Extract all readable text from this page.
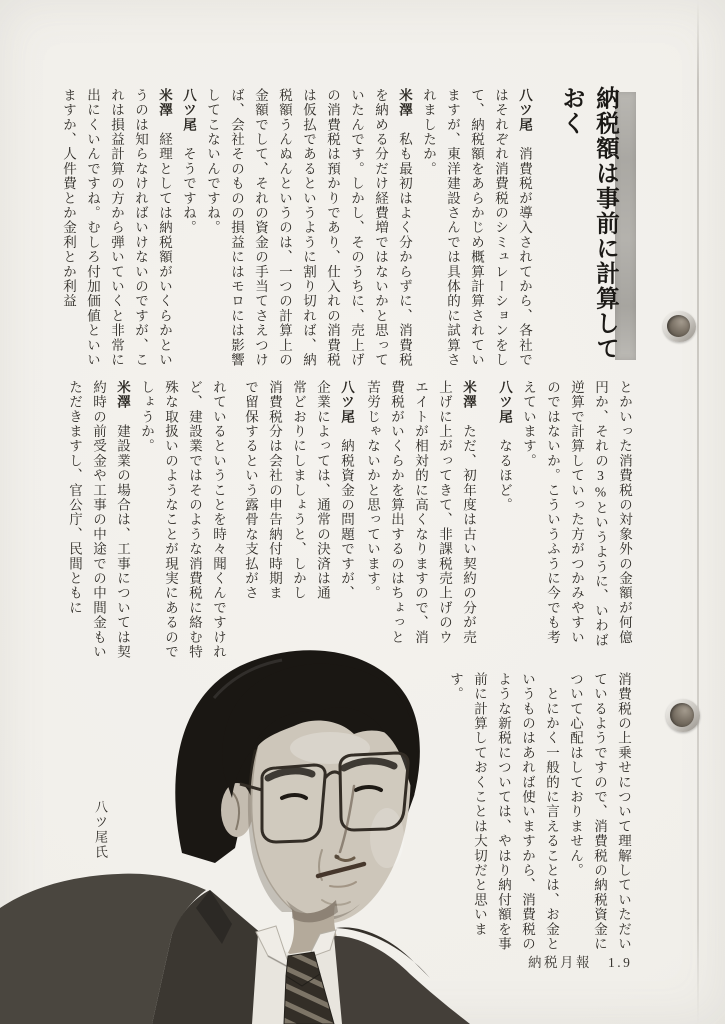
納税額は事前に計算しておく

八ツ尾　消費税が導入されてから、各社ではそれぞれ消費税のシミュレーションをして、納税額をあらかじめ概算計算されていますが、東洋建設さんでは具体的に試算されましたか。

米澤　私も最初はよく分からずに、消費税を納める分だけ経費増ではないかと思っていたんです。しかし、そのうちに、売上げの消費税は預かりであり、仕入れの消費税は仮払であるというように割り切れば、納税額うんぬんというのは、一つの計算上の金額でして、それの資金の手当てさえつけば、会社そのものの損益にはモロには影響してこないんですね。

八ツ尾　そうですね。

米澤　経理としては納税額がいくらかというのは知らなければいけないのですが、これは損益計算の方から弾いていくと非常に出にくいんですね。むしろ付加価値といいますか、人件費とか金利とか利益

とかいった消費税の対象外の金額が何億円か、それの3%というように、いわば逆算で計算していった方がつかみやすいのではないか。こういうふうに今でも考えています。

八ツ尾　なるほど。

米澤　ただ、初年度は古い契約の分が売上げに上がってきて、非課税売上げのウエイトが相対的に高くなりますので、消費税がいくらかを算出するのはちょっと苦労じゃないかと思っています。

八ツ尾　納税資金の問題ですが、企業によっては、通常の決済は通常どおりにしましょうと、しかし消費税分は会社の申告納付時期まで留保するという露骨な支払がさ

れているということを時々聞くんですけれど、建設業ではそのような消費税に絡む特殊な取扱いのようなことが現実にあるのでしょうか。

米澤　建設業の場合は、工事については契約時の前受金や工事の中途での中間金もいただきますし、官公庁、民間ともに

消費税の上乗せについて理解していただいているようですので、消費税の納税資金について心配はしておりません。

　とにかく一般的に言えることは、お金というものはあれば使いますから、消費税のような新税については、やはり納付額を事前に計算しておくことは大切だと思います。

八ツ尾氏
納税月報　1.9
